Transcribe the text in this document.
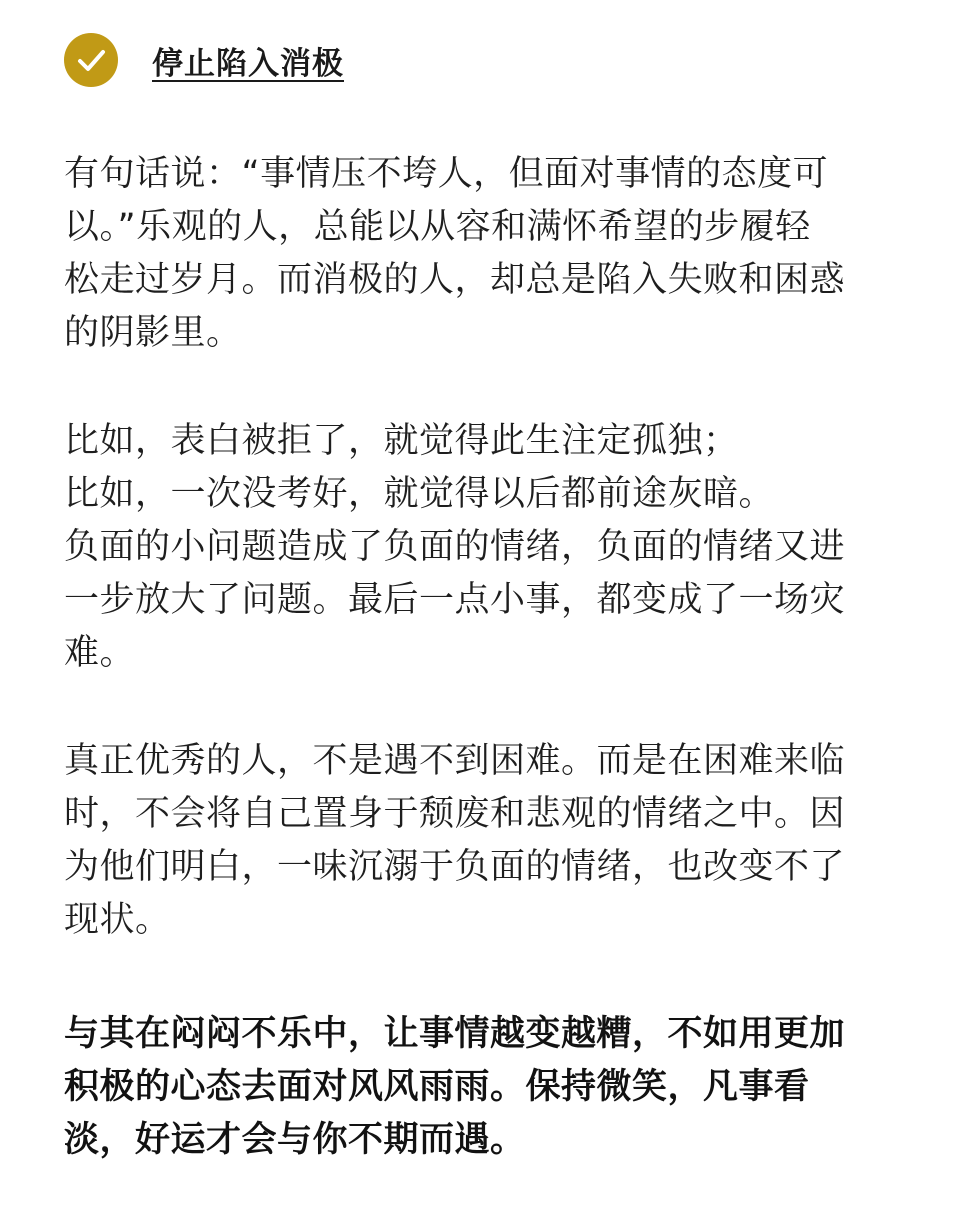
停止陷入消极
有句话说：“事情压不垮人，但面对事情的态度可
以。”乐观的人，总能以从容和满怀希望的步履轻
松走过岁月。而消极的人，却总是陷入失败和困惑
的阴影里。
比如，表白被拒了，就觉得此生注定孤独；
比如，一次没考好，就觉得以后都前途灰暗。
负面的小问题造成了负面的情绪，负面的情绪又进
一步放大了问题。最后一点小事，都变成了一场灾
难。
真正优秀的人，不是遇不到困难。而是在困难来临
时，不会将自己置身于颓废和悲观的情绪之中。因
为他们明白，一味沉溺于负面的情绪，也改变不了
现状。
与其在闷闷不乐中，让事情越变越糟，不如用更加
积极的心态去面对风风雨雨。保持微笑，凡事看
淡，好运才会与你不期而遇。
